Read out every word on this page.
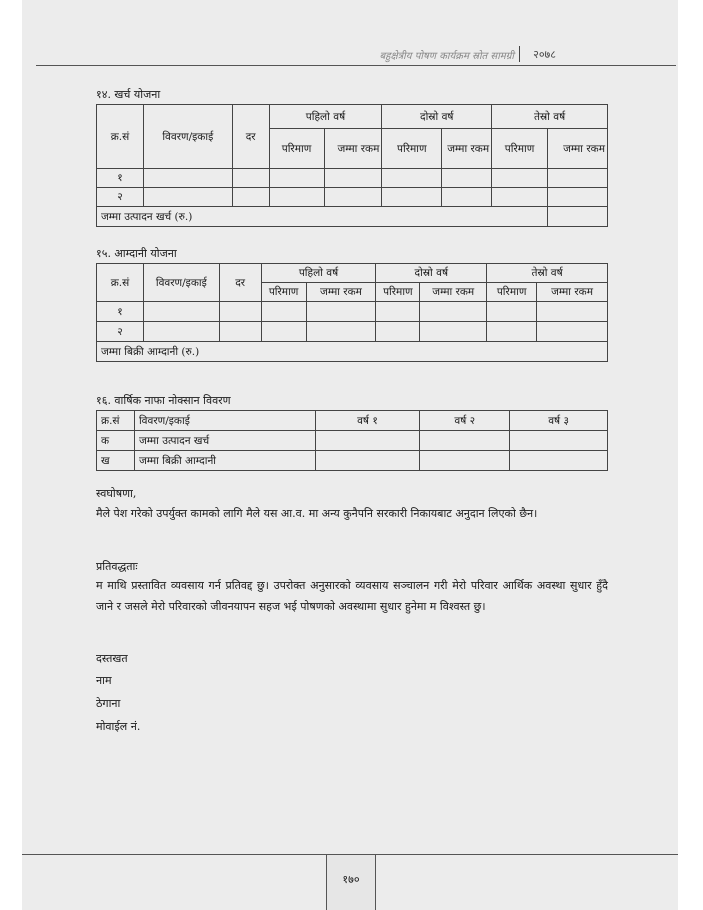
बहुक्षेत्रीय पोषण कार्यक्रम स्रोत सामग्री २०७८
१४. खर्च योजना
क्र.सं	विवरण/इकाई	दर	पहिलो वर्ष		दोस्रो वर्ष		तेस्रो वर्ष	
			परिमाण	जम्मा रकम	परिमाण	जम्मा रकम	परिमाण	जम्मा रकम
१								
२								
जम्मा उत्पादन खर्च (रु.)								
१५. आम्दानी योजना
क्र.सं	विवरण/इकाई	दर	पहिलो वर्ष		दोस्रो वर्ष		तेस्रो वर्ष	
			परिमाण	जम्मा रकम	परिमाण	जम्मा रकम	परिमाण	जम्मा रकम
१								
२								
जम्मा बिक्री आम्दानी (रु.)								
१६. वार्षिक नाफा नोक्सान विवरण
क्र.सं	विवरण/इकाई	वर्ष १	वर्ष २	वर्ष ३
क	जम्मा उत्पादन खर्च			
ख	जम्मा बिक्री आम्दानी			
स्वघोषणा,
मैले पेश गरेको उपर्युक्त कामको लागि मैले यस आ.व. मा अन्य कुनैपनि सरकारी निकायबाट अनुदान लिएको छैन।
प्रतिवद्धताः
म माथि प्रस्तावित व्यवसाय गर्न प्रतिवद्द छु। उपरोक्त अनुसारको व्यवसाय सञ्चालन गरी मेरो परिवार आर्थिक अवस्था सुधार हुँदै जाने र जसले मेरो परिवारको जीवनयापन सहज भई पोषणको अवस्थामा सुधार हुनेमा म विश्वस्त छु।
दस्तखत
नाम
ठेगाना
मोवाईल नं.
१७०
